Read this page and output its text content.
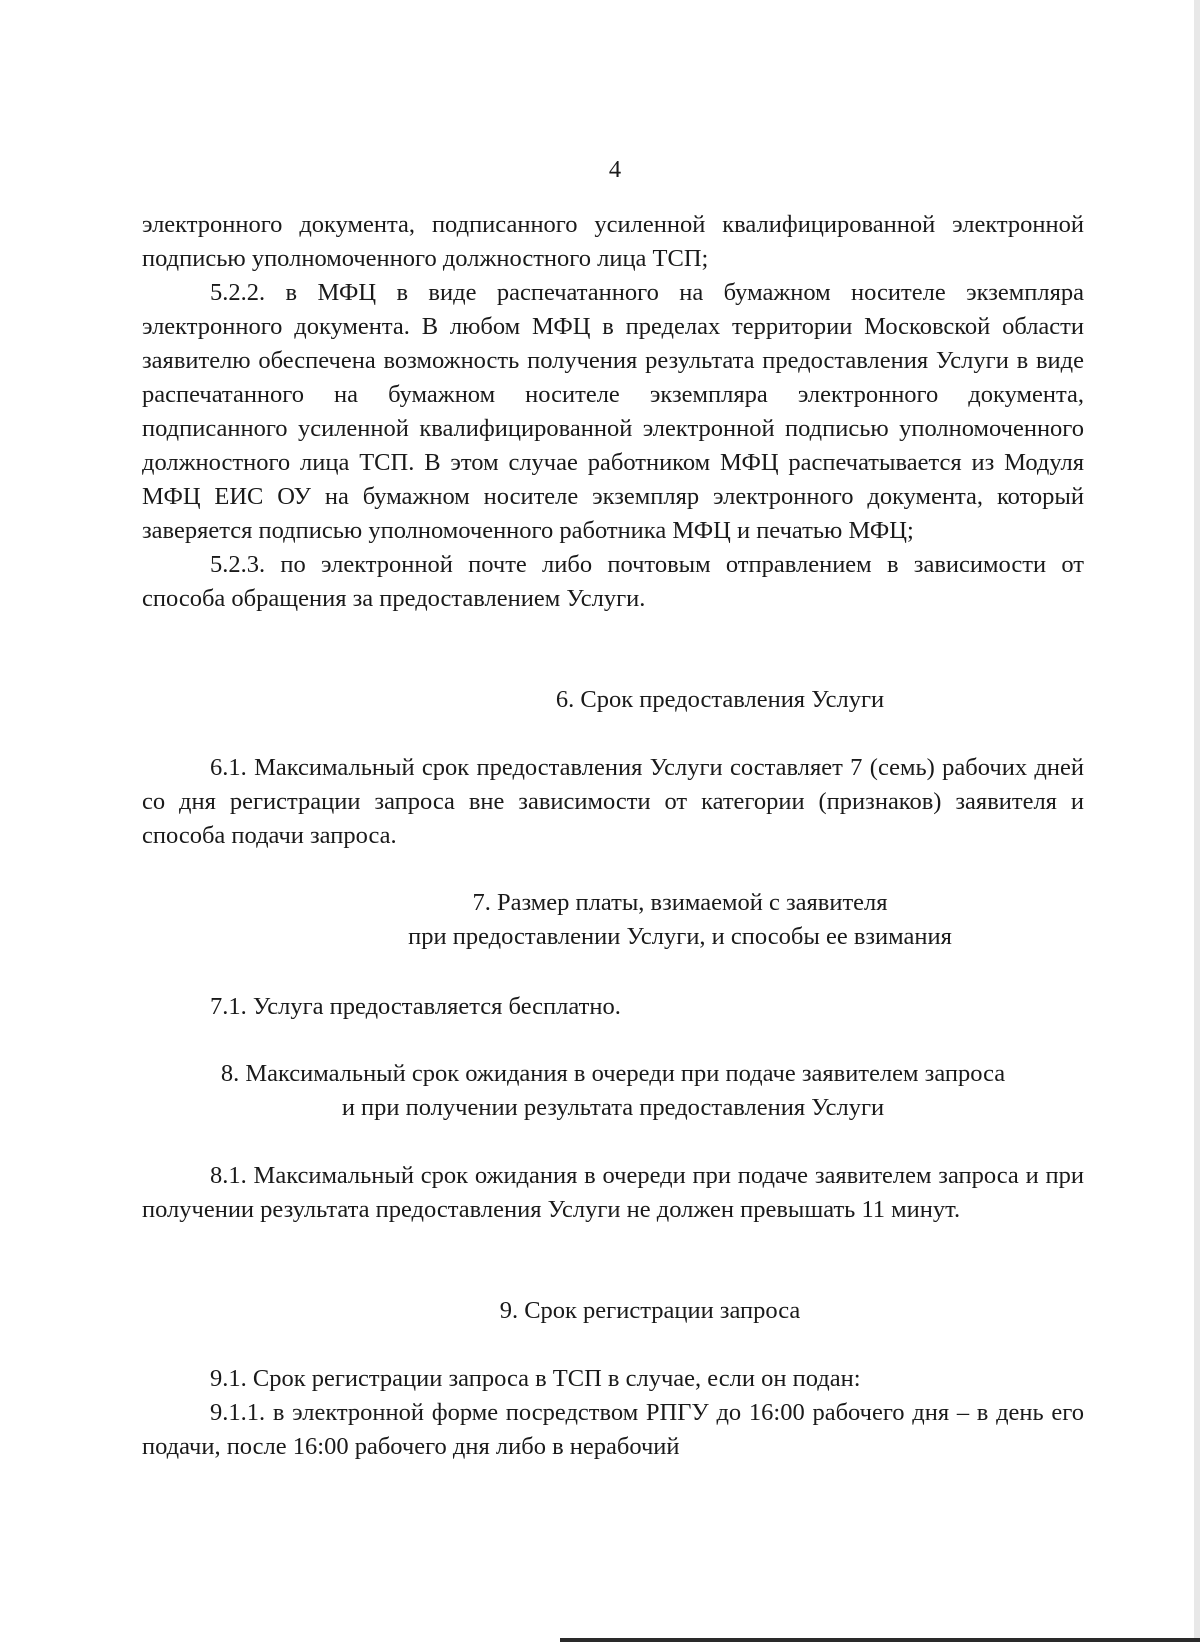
4

электронного документа, подписанного усиленной квалифицированной электронной подписью уполномоченного должностного лица ТСП;

5.2.2. в МФЦ в виде распечатанного на бумажном носителе экземпляра электронного документа. В любом МФЦ в пределах территории Московской области заявителю обеспечена возможность получения результата предоставления Услуги в виде распечатанного на бумажном носителе экземпляра электронного документа, подписанного усиленной квалифицированной электронной подписью уполномоченного должностного лица ТСП. В этом случае работником МФЦ распечатывается из Модуля МФЦ ЕИС ОУ на бумажном носителе экземпляр электронного документа, который заверяется подписью уполномоченного работника МФЦ и печатью МФЦ;

5.2.3. по электронной почте либо почтовым отправлением в зависимости от способа обращения за предоставлением Услуги.

6. Срок предоставления Услуги

6.1. Максимальный срок предоставления Услуги составляет 7 (семь) рабочих дней со дня регистрации запроса вне зависимости от категории (признаков) заявителя и способа подачи запроса.

7. Размер платы, взимаемой с заявителя
при предоставлении Услуги, и способы ее взимания

7.1. Услуга предоставляется бесплатно.

8. Максимальный срок ожидания в очереди при подаче заявителем запроса
и при получении результата предоставления Услуги

8.1. Максимальный срок ожидания в очереди при подаче заявителем запроса и при получении результата предоставления Услуги не должен превышать 11 минут.

9. Срок регистрации запроса

9.1. Срок регистрации запроса в ТСП в случае, если он подан:

9.1.1. в электронной форме посредством РПГУ до 16:00 рабочего дня – в день его подачи, после 16:00 рабочего дня либо в нерабочий
